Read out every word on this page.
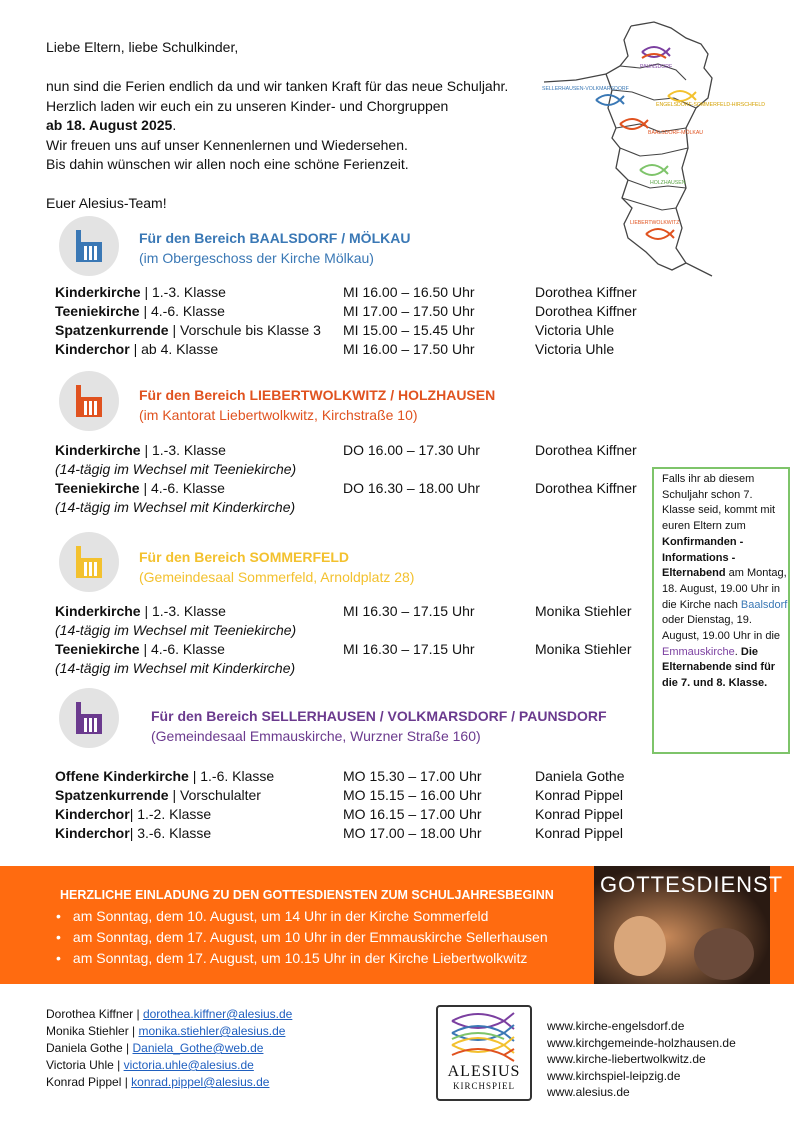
Liebe Eltern, liebe Schulkinder,

nun sind die Ferien endlich da und wir tanken Kraft für das neue Schuljahr.

Herzlich laden wir euch ein zu unseren Kinder- und Chorgruppen

ab 18. August 2025.

Wir freuen uns auf unser Kennenlernen und Wiedersehen.

Bis dahin wünschen wir allen noch eine schöne Ferienzeit.

Euer Alesius-Team!

PAUNSDORF
SELLERHAUSEN-VOLKMARSDORF
ENGELSDORF-SOMMERFELD-HIRSCHFELD
BAALSDORF-MÖLKAU
HOLZHAUSEN
LIEBERTWOLKWITZ
Für den Bereich BAALSDORF / MÖLKAU
(im Obergeschoss der Kirche Mölkau)
Für den Bereich LIEBERTWOLKWITZ / HOLZHAUSEN
(im Kantorat Liebertwolkwitz, Kirchstraße 10)
Für den Bereich SOMMERFELD
(Gemeindesaal Sommerfeld, Arnoldplatz 28)
Für den Bereich SELLERHAUSEN / VOLKMARSDORF / PAUNSDORF
(Gemeindesaal Emmauskirche, Wurzner Straße 160)
Kinderkirche | 1.-3. Klasse	MI 16.00 – 16.50 Uhr	Dorothea Kiffner
Teeniekirche | 4.-6. Klasse	MI 17.00 – 17.50 Uhr	Dorothea Kiffner
Spatzenkurrende | Vorschule bis Klasse 3 MI 15.00 – 15.45 Uhr	Victoria Uhle
Kinderchor | ab 4. Klasse	MI 16.00 – 17.50 Uhr	Victoria Uhle
Kinderkirche | 1.-3. Klasse	DO 16.00 – 17.30 Uhr	Dorothea Kiffner
(14-tägig im Wechsel mit Teeniekirche)
Teeniekirche | 4.-6. Klasse	DO 16.30 – 18.00 Uhr	Dorothea Kiffner
(14-tägig im Wechsel mit Kinderkirche)
Kinderkirche | 1.-3. Klasse	MI 16.30 – 17.15 Uhr	Monika Stiehler
(14-tägig im Wechsel mit Teeniekirche)
Teeniekirche | 4.-6. Klasse	MI 16.30 – 17.15 Uhr	Monika Stiehler
(14-tägig im Wechsel mit Kinderkirche)
Offene Kinderkirche | 1.-6. Klasse	MO 15.30 – 17.00 Uhr	Daniela Gothe
Spatzenkurrende | Vorschulalter	MO 15.15 – 16.00 Uhr	Konrad Pippel
Kinderchor| 1.-2. Klasse	MO 16.15 – 17.00 Uhr	Konrad Pippel
Kinderchor| 3.-6. Klasse	MO 17.00 – 18.00 Uhr	Konrad Pippel
Falls ihr ab diesem Schuljahr schon 7. Klasse seid, kommt mit euren Eltern zum Konfirmanden - Informations - Elternabend am Montag, 18. August, 19.00 Uhr in die Kirche nach Baalsdorf oder Dienstag, 19. August, 19.00 Uhr in die Emmauskirche. Die Elternabende sind für die 7. und 8. Klasse.
GOTTESDIENST
HERZLICHE EINLADUNG ZU DEN GOTTESDIENSTEN ZUM SCHULJAHRESBEGINN
• am Sonntag, dem 10. August, um 14 Uhr in der Kirche Sommerfeld
• am Sonntag, dem 17. August, um 10 Uhr in der Emmauskirche Sellerhausen
• am Sonntag, dem 17. August, um 10.15 Uhr in der Kirche Liebertwolkwitz
Dorothea Kiffner | dorothea.kiffner@alesius.de
Monika Stiehler | monika.stiehler@alesius.de
Daniela Gothe | Daniela_Gothe@web.de
Victoria Uhle | victoria.uhle@alesius.de
Konrad Pippel | konrad.pippel@alesius.de
ALESIUS
KIRCHSPIEL
www.kirche-engelsdorf.de
www.kirchgemeinde-holzhausen.de
www.kirche-liebertwolkwitz.de
www.kirchspiel-leipzig.de
www.alesius.de
